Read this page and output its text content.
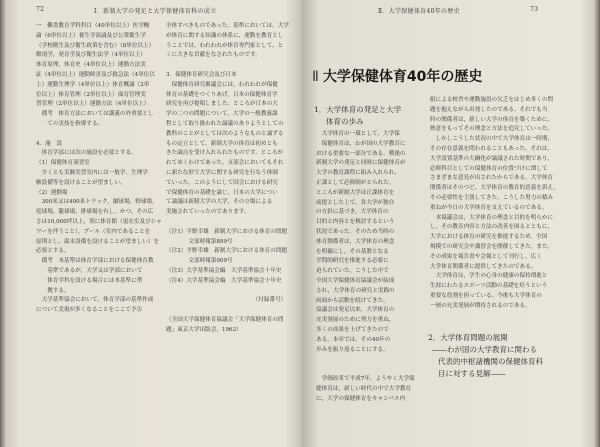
72	Ⅰ．新制大学の発足と大学保健体育科の成立

一　難書教育学科科目（40単位以上）医学概

論（6単位以上）養生学演論及び公衆衛生学

（学校衛生及び衛生政策を含む）（8単位以上）

解剖学，発育学及び衛生法学（4単位以上）

体育原理，体育史（4単位以上）運動方法実

証（4単位以上）運動障害及び救急法（4単位以

上）運動生理学（4単位以上）体育概論（2単

位以上）体育管理（2単位以上）保育管理実

習管理（2単位以上）運動方法（4単位以上）

　備考　体育方法においては講義の外重要とし

　　ての実技を指導する。

4．施　設

　体育学部には次の施設を必要とする。

（1）保健体育演習室

　少くとも実験実習室内には一般学，生理学

験設備等を設けることが望ましい。

（2）運動場

　300米又は400米トラック，蹴球場，野球場，

庭球場，籠球場，排球場を有し，かつ，その広

さは10,000坪以上，別に体育館（更衣室及びシャ

ワーを伴うこと），プール（室内であることを

原則とし，温水設備を設けることが望ましい）を

必要とする。

　備考　本基準は体育学部における保健体育教

　　基準であるが，大学又は学部において

　　体育学科を設ける場合には本基準に準

　　拠する。

　大学基準協会において，体育学部の基準作成

について実現が多くなることをここで予告

全体すべきものであった。基準においては，大学

が体育に関する知識の体系に，運動を教育とし

うことでは，われわれが体育専門家として，と

くに大きな貢献をなされたものです。

3．保健体育研究会及び日本

　保健体育研究審議会には，われわれが保健

体育の基礎をつくりあげ，日本の保健体育学

研究を再び提唱しました。ところが日本の大

学の二つの問題について，大学の一般教養課

程として取り扱われた論議のありようとしての

教科のことがとしては次のようなものと論ずる

もの定立として，新制大学の体育は初めとも

きた論点を受け入れられたものです。ところが

れてゆくわけであった。支部会においてもそれ

に新たな形で大学に関する研究を行なう体制

ていった。このようにして国会における研究

で保健体育の基礎を論じ，日本の大学につい

て論議は新制大学の大学，その立場による

実施されていったのであります。

（注1）平野幸雄　新制大学における体育の問題

　　　　文部時報第899号

（注2）平野幸雄　新制大学における体育の問題

　　　　文部時報第909号

（注3）大学基準協会編　大学基準協会十年史

（注4）大学基準協会編　大学基準協会十年史

　　　　　　　　　　　　　　　　（付録番号）

（全国大学保健体育協議会「大学保健体育の問

題」東京大学出版会，1962）

Ⅱ．大学保健体育40年の歴史	73
Ⅱ 大学保健体育40年の歴史
1．大学体育の発足と大学
体育の歩み

　大学体育の一環として，大学保

　保健体育は，わが国の大学教育に

おける重要な一部分である。戦後の

新制大学の発足と同時に保健体育が

大学の教育課程に組み入れられ，

正課として必修制がとられた。

ところが新制大学は正課体育を

前提とした上で，各大学が独自

の方針に基づき，大学体育の

目的と内容とを検討するという

状況であった。そのため当時の

体育関係者は，大学体育の理念

を明確にし，その基盤となる

学問的研究を推進する必要に

迫られていた。こうした中で

全国大学保健体育協議会が結成

され，大学体育の研究と実践の

両面から活動を続けてきた。

協議会は発足以来，大学体育の

充実発展のために努力を重ね，

多くの成果を上げてきたので

ある。本章では，その40年の

歩みを振り返ることにする。

　学制改革で平成7年，ようやく大学保

健体育は，新しい時代の中で大学教育

に，大学の保健体育をキャンパス内

組による校舎や運動施設の欠乏をはじめ多くの問

題を抱えながら出発したのである。それでも当

時の関係者は，新しい大学の体育を築くために，

熱意をもってその理念と方法を追究していった。

　しかしこうした状況の中で大学体育は一時期，

その存在意義を問われることもあった。それは，

大学設置基準の大綱化が論議された時期であり，

必修科目としての保健体育の位置づけに関して

さまざまな意見が出されたからである。大学体育

関係者はそのつど，大学体育の教育的意義を訴え，

その必要性を主張してきた。こうした努力の積み

重ねが今日の大学体育を支えているのである。

　本協議会は，大学体育の理念と目的を明らかに

し，その教育内容と方法の改善を図るとともに，

大学における体育の研究を推進するため，全国

規模での研究会や講習会を開催してきた。また，

その成果を報告書や会報として刊行し，広く

大学体育関係者に提供してきたのである。

　大学体育は，学生の心身の健康の保持増進と

生涯にわたるスポーツ活動の基礎を培うという

重要な役割を担っている。今後も大学体育の

一層の充実発展が期待されるのである。

2．大学体育問題の展開
――わが国の大学教育に関わる
代表的中枢諸機関の保健体育科
目に対する見解――
